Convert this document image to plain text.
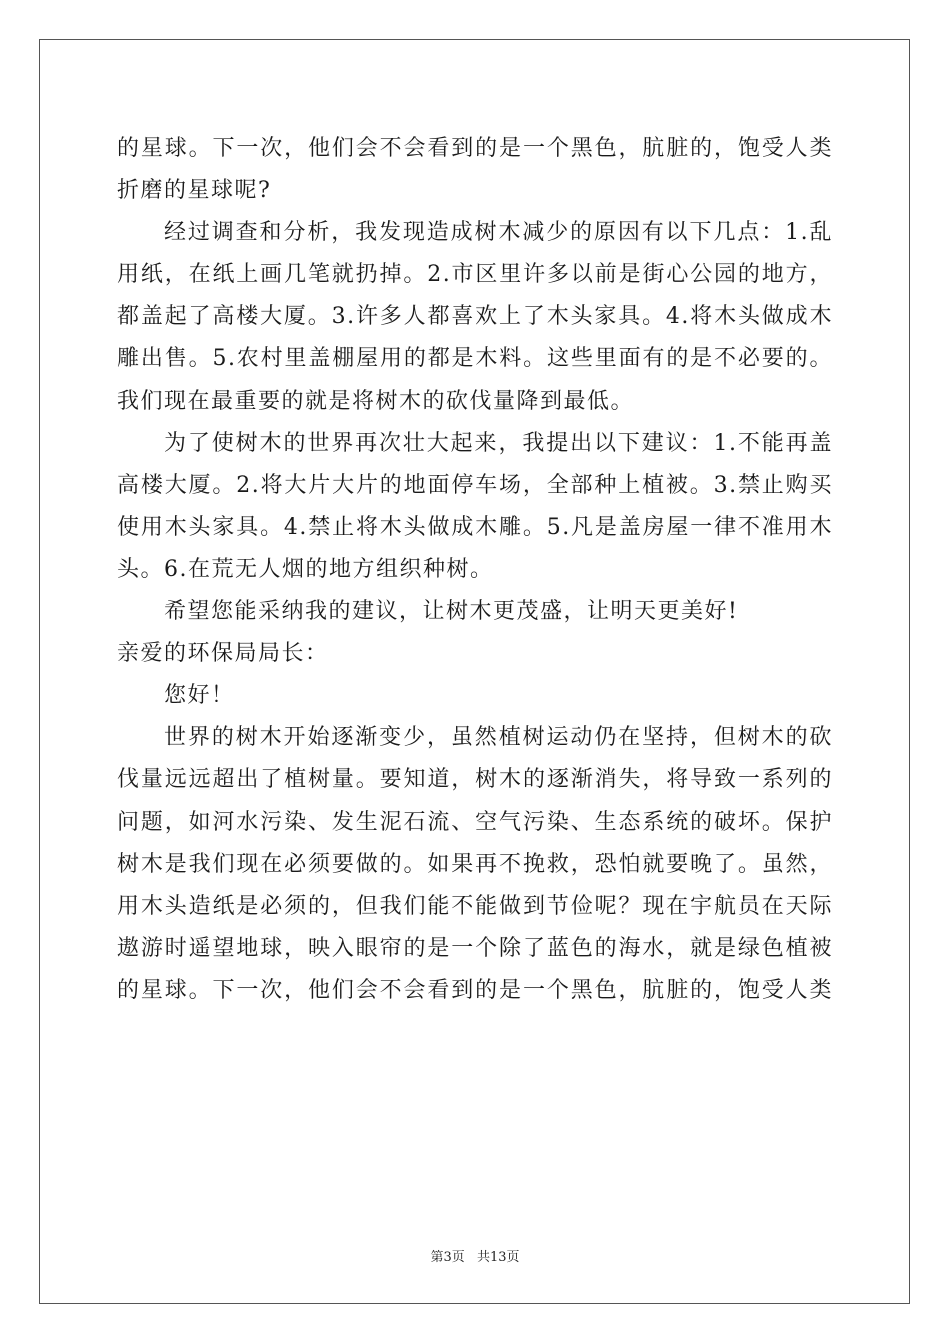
的星球。下一次，他们会不会看到的是一个黑色，肮脏的，饱受人类
折磨的星球呢?
经过调查和分析，我发现造成树木减少的原因有以下几点：1.乱
用纸，在纸上画几笔就扔掉。2.市区里许多以前是街心公园的地方，
都盖起了高楼大厦。3.许多人都喜欢上了木头家具。4.将木头做成木
雕出售。5.农村里盖棚屋用的都是木料。这些里面有的是不必要的。
我们现在最重要的就是将树木的砍伐量降到最低。
为了使树木的世界再次壮大起来，我提出以下建议：1.不能再盖
高楼大厦。2.将大片大片的地面停车场，全部种上植被。3.禁止购买
使用木头家具。4.禁止将木头做成木雕。5.凡是盖房屋一律不准用木
头。6.在荒无人烟的地方组织种树。
希望您能采纳我的建议，让树木更茂盛，让明天更美好!
亲爱的环保局局长：
您好！
世界的树木开始逐渐变少，虽然植树运动仍在坚持，但树木的砍
伐量远远超出了植树量。要知道，树木的逐渐消失，将导致一系列的
问题，如河水污染、发生泥石流、空气污染、生态系统的破坏。保护
树木是我们现在必须要做的。如果再不挽救，恐怕就要晚了。虽然，
用木头造纸是必须的，但我们能不能做到节俭呢？现在宇航员在天际
遨游时遥望地球，映入眼帘的是一个除了蓝色的海水，就是绿色植被
的星球。下一次，他们会不会看到的是一个黑色，肮脏的，饱受人类
第3页 共13页
